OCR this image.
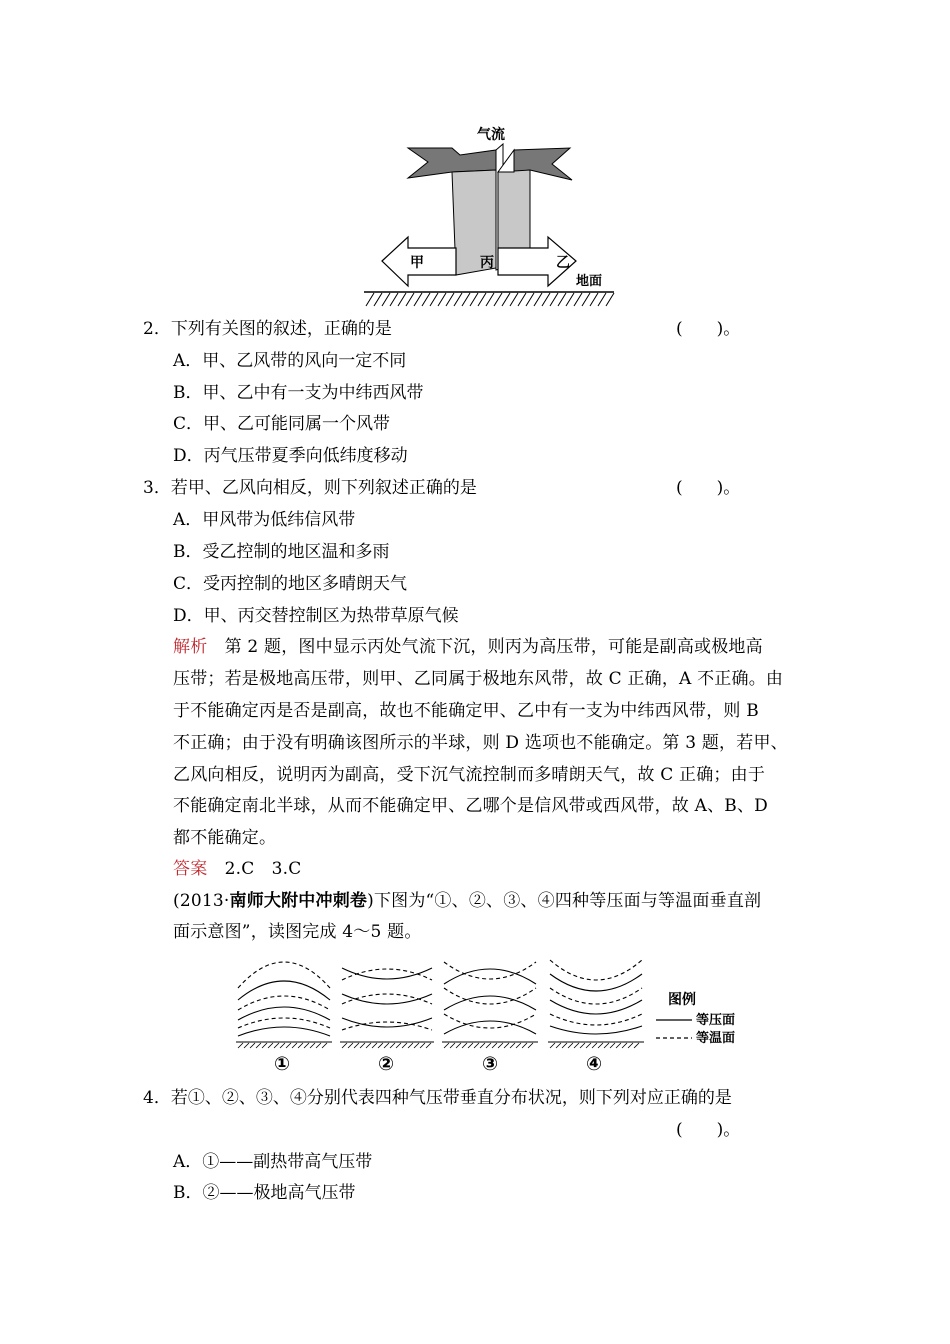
气流
甲	乙
丙
地面
2．下列有关图的叙述，正确的是	(　　)。
A．甲、乙风带的风向一定不同
B．甲、乙中有一支为中纬西风带
C．甲、乙可能同属一个风带
D．丙气压带夏季向低纬度移动
3．若甲、乙风向相反，则下列叙述正确的是	(　　)。
A．甲风带为低纬信风带
B．受乙控制的地区温和多雨
C．受丙控制的地区多晴朗天气
D．甲、丙交替控制区为热带草原气候
解析　第 2 题，图中显示丙处气流下沉，则丙为高压带，可能是副高或极地高
压带；若是极地高压带，则甲、乙同属于极地东风带，故 C 正确，A 不正确。由
于不能确定丙是否是副高，故也不能确定甲、乙中有一支为中纬西风带，则 B
不正确；由于没有明确该图所示的半球，则 D 选项也不能确定。第 3 题，若甲、
乙风向相反，说明丙为副高，受下沉气流控制而多晴朗天气，故 C 正确；由于
不能确定南北半球，从而不能确定甲、乙哪个是信风带或西风带，故 A、B、D
都不能确定。
答案　2.C　3.C
(2013·南师大附中冲刺卷)下图为“①、②、③、④四种等压面与等温面垂直剖
面示意图”，读图完成 4～5 题。
①	②	③	④
图例
等压面
等温面
4．若①、②、③、④分别代表四种气压带垂直分布状况，则下列对应正确的是
(　　)。
A．①——副热带高气压带
B．②——极地高气压带
